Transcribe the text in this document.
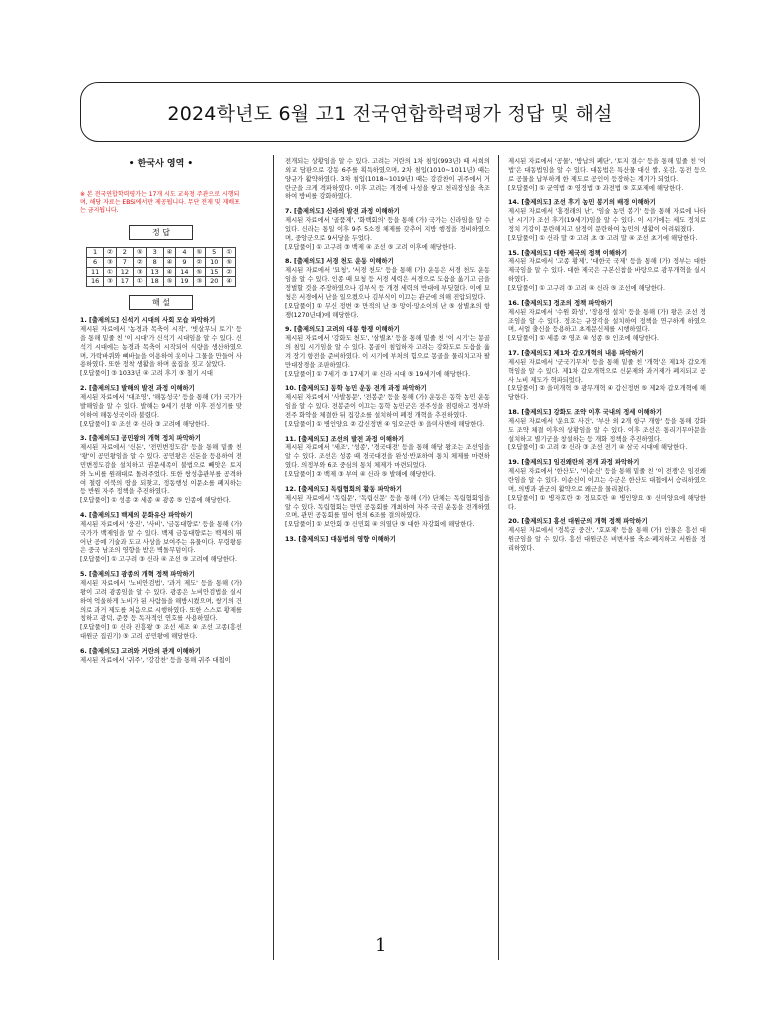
2024학년도 6월 고1 전국연합학력평가 정답 및 해설
• 한국사 영역 •
※ 본 전국연합학력평가는 17개 시도 교육청 주관으로 시행되며, 해당 자료는 EBSi에서만 제공됩니다. 무단 전재 및 재배포는 금지됩니다.
정 답
1	②	2	⑤	3	④	4	⑤	5	①
6	③	7	②	8	④	9	②	10	⑤
11	①	12	③	13	④	14	⑤	15	②
16	③	17	①	18	⑤	19	③	20	④
해 설
1. [출제의도] 신석기 시대의 사회 모습 파악하기
제시된 자료에서 '농경과 목축이 시작', '빗살무늬 토기' 등을 통해 밑줄 친 '이 시대'가 신석기 시대임을 알 수 있다. 신석기 시대에는 농경과 목축이 시작되어 식량을 생산하였으며, 가락바퀴와 뼈바늘을 이용하여 옷이나 그물을 만들어 사용하였다. 또한 정착 생활을 하며 움집을 짓고 살았다.
[오답풀이] ③ 1033년 ④ 고려 후기 ⑤ 철기 시대
2. [출제의도] 발해의 발전 과정 이해하기
제시된 자료에서 '대조영', '해동성국' 등을 통해 (가) 국가가 발해임을 알 수 있다. 발해는 9세기 선왕 이후 전성기를 맞이하여 해동성국이라 불렸다.
[오답풀이] ① 조선 ② 신라 ③ 고려에 해당한다.
3. [출제의도] 공민왕의 개혁 정치 파악하기
제시된 자료에서 '신돈', '전민변정도감' 등을 통해 밑줄 친 '왕'이 공민왕임을 알 수 있다. 공민왕은 신돈을 등용하여 전민변정도감을 설치하고 권문세족이 불법으로 빼앗은 토지와 노비를 원래대로 돌려주었다. 또한 쌍성총관부를 공격하여 철령 이북의 땅을 되찾고, 정동행성 이문소를 폐지하는 등 반원 자주 정책을 추진하였다.
[오답풀이] ① 성종 ② 세종 ④ 광종 ⑤ 인종에 해당한다.
4. [출제의도] 백제의 문화유산 파악하기
제시된 자료에서 '웅진', '사비', '금동대향로' 등을 통해 (가) 국가가 백제임을 알 수 있다. 백제 금동대향로는 백제의 뛰어난 공예 기술과 도교 사상을 보여주는 유물이다. 무령왕릉은 중국 남조의 영향을 받은 벽돌무덤이다.
[오답풀이] ① 고구려 ③ 신라 ④ 조선 ⑤ 고려에 해당한다.
5. [출제의도] 광종의 개혁 정책 파악하기
제시된 자료에서 '노비안검법', '과거 제도' 등을 통해 (가) 왕이 고려 광종임을 알 수 있다. 광종은 노비안검법을 실시하여 억울하게 노비가 된 사람들을 해방시켰으며, 쌍기의 건의로 과거 제도를 처음으로 시행하였다. 또한 스스로 황제를 칭하고 광덕, 준풍 등 독자적인 연호를 사용하였다.
[오답풀이] ① 신라 진흥왕 ③ 조선 세조 ④ 조선 고종(흥선대원군 집권기) ⑤ 고려 공민왕에 해당한다.
6. [출제의도] 고려와 거란의 관계 이해하기
제시된 자료에서 '귀주', '강감찬' 등을 통해 귀주 대첩이
전개되는 상황임을 알 수 있다. 고려는 거란의 1차 침입(993년) 때 서희의 외교 담판으로 강동 6주를 획득하였으며, 2차 침입(1010~1011년) 때는 양규가 활약하였다. 3차 침입(1018~1019년) 때는 강감찬이 귀주에서 거란군을 크게 격파하였다. 이후 고려는 개경에 나성을 쌓고 천리장성을 축조하여 방비를 강화하였다.
7. [출제의도] 신라의 발전 과정 이해하기
제시된 자료에서 '골품제', '화백회의' 등을 통해 (가) 국가는 신라임을 알 수 있다. 신라는 통일 이후 9주 5소경 체제를 갖추어 지방 행정을 정비하였으며, 중앙군으로 9서당을 두었다.
[오답풀이] ① 고구려 ③ 백제 ④ 조선 ⑤ 고려 이후에 해당한다.
8. [출제의도] 서경 천도 운동 이해하기
제시된 자료에서 '묘청', '서경 천도' 등을 통해 (가) 운동은 서경 천도 운동임을 알 수 있다. 인종 때 묘청 등 서경 세력은 서경으로 도읍을 옮기고 금을 정벌할 것을 주장하였으나 김부식 등 개경 세력의 반대에 부딪혔다. 이에 묘청은 서경에서 난을 일으켰으나 김부식이 이끄는 관군에 의해 진압되었다.
[오답풀이] ① 무신 정변 ② 만적의 난 ③ 망이·망소이의 난 ⑤ 삼별초의 항쟁(1270년대)에 해당한다.
9. [출제의도] 고려의 대몽 항쟁 이해하기
제시된 자료에서 '강화도 천도', '삼별초' 등을 통해 밑줄 친 '이 시기'는 몽골의 침입 시기임을 알 수 있다. 몽골이 침입하자 고려는 강화도로 도읍을 옮겨 장기 항전을 준비하였다. 이 시기에 부처의 힘으로 몽골을 물리치고자 팔만대장경을 조판하였다.
[오답풀이] ① 7세기 ③ 17세기 ④ 신라 시대 ⑤ 19세기에 해당한다.
10. [출제의도] 동학 농민 운동 전개 과정 파악하기
제시된 자료에서 '사발통문', '전봉준' 등을 통해 (가) 운동은 동학 농민 운동임을 알 수 있다. 전봉준이 이끄는 동학 농민군은 전주성을 점령하고 정부와 전주 화약을 체결한 뒤 집강소를 설치하여 폐정 개혁을 추진하였다.
[오답풀이] ① 병인양요 ② 갑신정변 ④ 임오군란 ⑤ 을미사변에 해당한다.
11. [출제의도] 조선의 발전 과정 이해하기
제시된 자료에서 '세조', '성종', '경국대전' 등을 통해 해당 왕조는 조선임을 알 수 있다. 조선은 성종 때 경국대전을 완성·반포하여 통치 체제를 마련하였다. 의정부와 6조 중심의 통치 체제가 마련되었다.
[오답풀이] ② 백제 ③ 부여 ④ 신라 ⑤ 발해에 해당한다.
12. [출제의도] 독립협회의 활동 파악하기
제시된 자료에서 '독립문', '독립신문' 등을 통해 (가) 단체는 독립협회임을 알 수 있다. 독립협회는 만민 공동회를 개최하여 자주 국권 운동을 전개하였으며, 관민 공동회를 열어 헌의 6조를 결의하였다.
[오답풀이] ① 보안회 ③ 신민회 ④ 의열단 ⑤ 대한 자강회에 해당한다.
13. [출제의도] 대동법의 영향 이해하기
제시된 자료에서 '공물', '방납의 폐단', '토지 결수' 등을 통해 밑줄 친 '이 법'은 대동법임을 알 수 있다. 대동법은 특산물 대신 쌀, 옷감, 동전 등으로 공물을 납부하게 한 제도로 공인이 등장하는 계기가 되었다.
[오답풀이] ① 균역법 ② 영정법 ③ 과전법 ⑤ 호포제에 해당한다.
14. [출제의도] 조선 후기 농민 봉기의 배경 이해하기
제시된 자료에서 '홍경래의 난', '임술 농민 봉기' 등을 통해 자료에 나타난 시기가 조선 후기(19세기)임을 알 수 있다. 이 시기에는 세도 정치로 정치 기강이 문란해지고 삼정이 문란하여 농민의 생활이 어려워졌다.
[오답풀이] ① 신라 말 ② 고려 초 ③ 고려 말 ④ 조선 초기에 해당한다.
15. [출제의도] 대한 제국의 정책 이해하기
제시된 자료에서 '고종 황제', '대한국 국제' 등을 통해 (가) 정부는 대한 제국임을 알 수 있다. 대한 제국은 구본신참을 바탕으로 광무개혁을 실시하였다.
[오답풀이] ① 고구려 ③ 고려 ④ 신라 ⑤ 조선에 해당한다.
16. [출제의도] 정조의 정책 파악하기
제시된 자료에서 '수원 화성', '장용영 설치' 등을 통해 (가) 왕은 조선 정조임을 알 수 있다. 정조는 규장각을 설치하여 정책을 연구하게 하였으며, 서얼 출신을 등용하고 초계문신제를 시행하였다.
[오답풀이] ① 세종 ② 영조 ④ 성종 ⑤ 인조에 해당한다.
17. [출제의도] 제1차 갑오개혁의 내용 파악하기
제시된 자료에서 '군국기무처' 등을 통해 밑줄 친 '개혁'은 제1차 갑오개혁임을 알 수 있다. 제1차 갑오개혁으로 신분제와 과거제가 폐지되고 공사 노비 제도가 혁파되었다.
[오답풀이] ② 을미개혁 ③ 광무개혁 ④ 갑신정변 ⑤ 제2차 갑오개혁에 해당한다.
18. [출제의도] 강화도 조약 이후 국내의 정세 이해하기
제시된 자료에서 '운요호 사건', '부산 외 2개 항구 개항' 등을 통해 강화도 조약 체결 이후의 상황임을 알 수 있다. 이후 조선은 통리기무아문을 설치하고 별기군을 창설하는 등 개화 정책을 추진하였다.
[오답풀이] ① 고려 ② 신라 ③ 조선 전기 ④ 삼국 시대에 해당한다.
19. [출제의도] 임진왜란의 전개 과정 파악하기
제시된 자료에서 '한산도', '이순신' 등을 통해 밑줄 친 '이 전쟁'은 임진왜란임을 알 수 있다. 이순신이 이끄는 수군은 한산도 대첩에서 승리하였으며, 의병과 관군의 활약으로 왜군을 물리쳤다.
[오답풀이] ① 병자호란 ② 정묘호란 ④ 병인양요 ⑤ 신미양요에 해당한다.
20. [출제의도] 흥선 대원군의 개혁 정책 파악하기
제시된 자료에서 '경복궁 중건', '호포제' 등을 통해 (가) 인물은 흥선 대원군임을 알 수 있다. 흥선 대원군은 비변사를 축소·폐지하고 서원을 정리하였다.
1
